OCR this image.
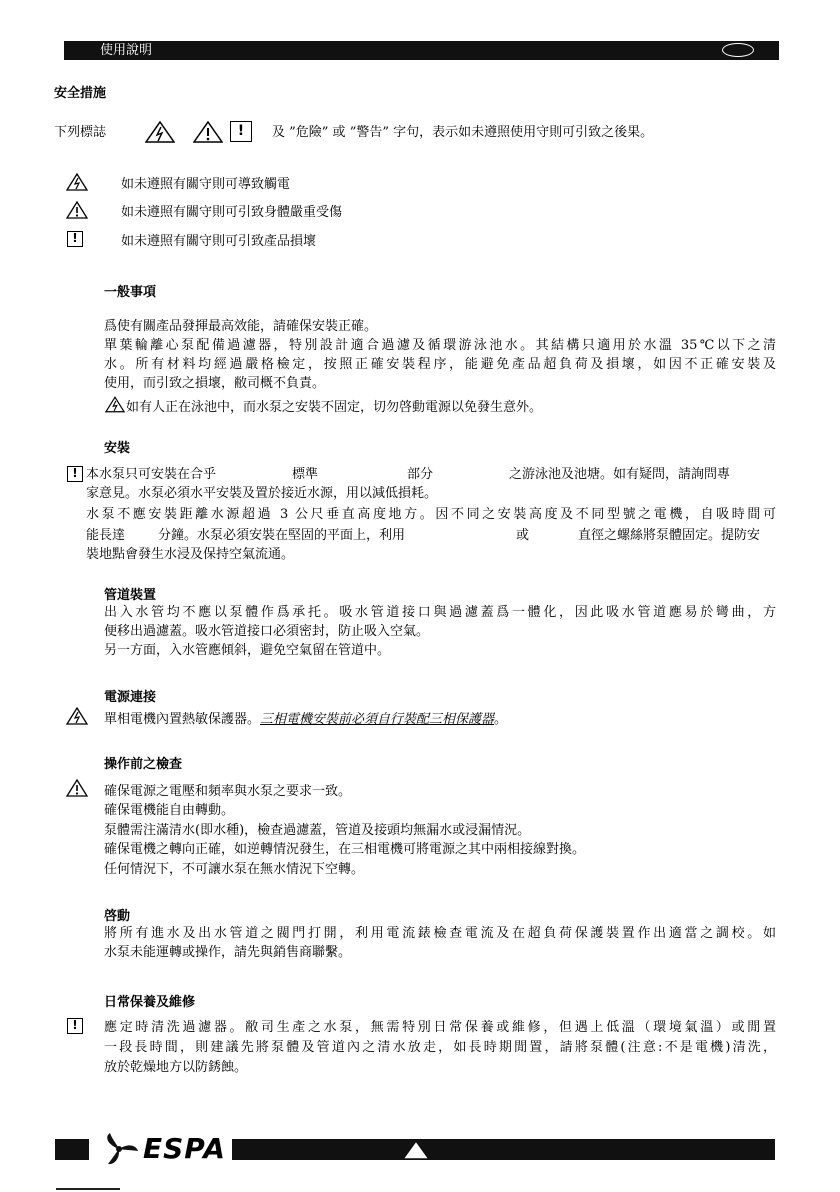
使用說明
安全措施
下列標誌	!	及 ”危險” 或 ”警告” 字句，表示如未遵照使用守則可引致之後果。
如未遵照有關守則可導致觸電
如未遵照有關守則可引致身體嚴重受傷
!	如未遵照有關守則可引致產品損壞
一般事項
爲使有關產品發揮最高效能，請確保安裝正確。
單葉輪離心泵配備過濾器，特別設計適合過濾及循環游泳池水。其結構只適用於水溫 35℃以下之清
水。所有材料均經過嚴格檢定，按照正確安裝程序，能避免產品超負荷及損壞，如因不正確安裝及
使用，而引致之損壞，敝司概不負責。
如有人正在泳池中，而水泵之安裝不固定，切勿啓動電源以免發生意外。
安裝
! 本水泵只可安裝在合乎	標準	部分	之游泳池及池塘。如有疑問，請詢問專
家意見。水泵必須水平安裝及置於接近水源，用以減低損耗。
水泵不應安裝距離水源超過 3 公尺垂直高度地方。因不同之安裝高度及不同型號之電機，自吸時間可
能長達	分鐘。水泵必須安裝在堅固的平面上，利用	或	直徑之螺絲將泵體固定。提防安
裝地點會發生水浸及保持空氣流通。
管道裝置
出入水管均不應以泵體作爲承托。吸水管道接口與過濾蓋爲一體化，因此吸水管道應易於彎曲，方
便移出過濾蓋。吸水管道接口必須密封，防止吸入空氣。
另一方面，入水管應傾斜，避免空氣留在管道中。
電源連接
單相電機內置熱敏保護器。三相電機安裝前必須自行裝配三相保護器。
操作前之檢查
確保電源之電壓和頻率與水泵之要求一致。
確保電機能自由轉動。
泵體需注滿清水(即水種)，檢查過濾蓋，管道及接頭均無漏水或浸漏情況。
確保電機之轉向正確，如逆轉情況發生，在三相電機可將電源之其中兩相接線對換。
任何情況下，不可讓水泵在無水情況下空轉。
啓動
將所有進水及出水管道之閥門打開，利用電流錶檢查電流及在超負荷保護裝置作出適當之調校。如
水泵未能運轉或操作，請先與銷售商聯繫。
日常保養及維修
!	應定時清洗過濾器。敝司生產之水泵，無需特別日常保養或維修，但遇上低溫（環境氣溫）或閒置
一段長時間，則建議先將泵體及管道內之清水放走，如長時期閒置，請將泵體(注意:不是電機)清洗，
放於乾燥地方以防銹蝕。
ESPA
